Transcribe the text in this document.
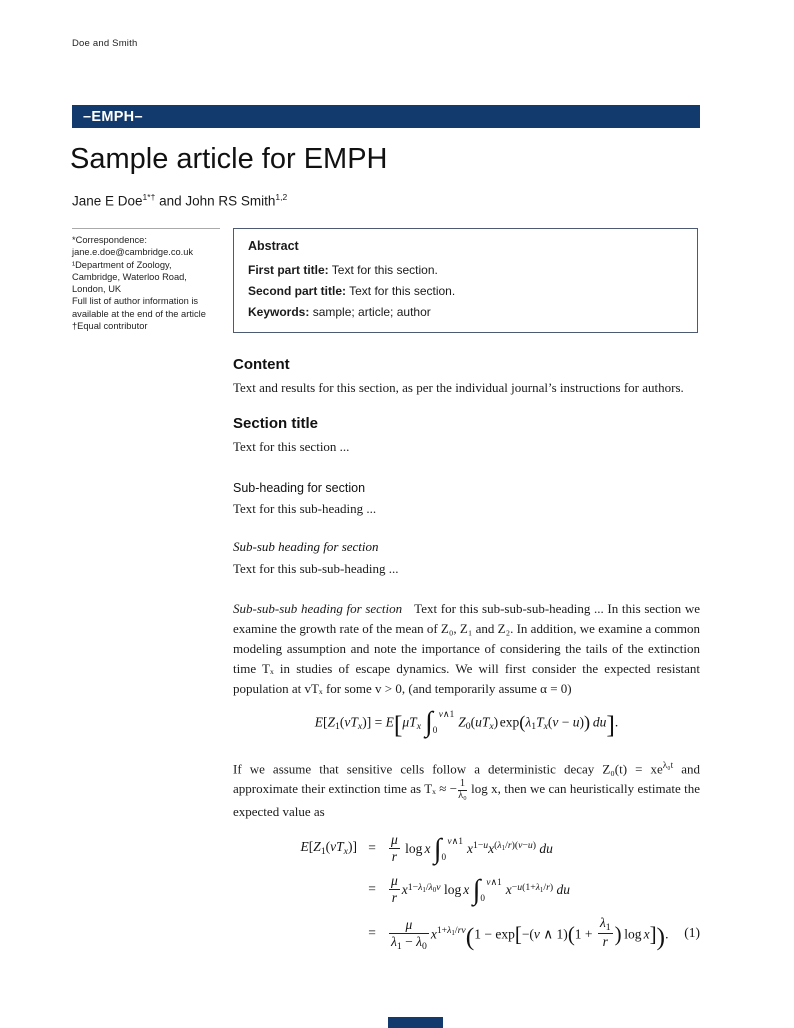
Doe and Smith
–EMPH–
Sample article for EMPH
Jane E Doe$^{1*\dagger}$ and John RS Smith$^{1,2}$
*Correspondence:
jane.e.doe@cambridge.co.uk
¹Department of Zoology,
Cambridge, Waterloo Road,
London, UK
Full list of author information is
available at the end of the article
†Equal contributor
Abstract
First part title: Text for this section.
Second part title: Text for this section.
Keywords: sample; article; author
Content

Text and results for this section, as per the individual journal’s instructions for authors.

Section title

Text for this section ...

Sub-heading for section

Text for this sub-heading ...

Sub-sub heading for section

Text for this sub-sub-heading ...

Sub-sub-sub heading for section Text for this sub-sub-sub-heading ... In this section we examine the growth rate of the mean of Z₀, Z₁ and Z₂. In addition, we examine a common modeling assumption and note the importance of considering the tails of the extinction time Tₓ in studies of escape dynamics. We will first consider the expected resistant population at vTₓ for some v > 0, (and temporarily assume α = 0)

$E[Z_1(vT_x)] = E[\mu T_x$ ∫ v∧1
0
$Z_0(uT_x) \exp(\lambda_1T_x(v - u))$ du].

If we assume that sensitive cells follow a deterministic decay $Z_0(t) = xe^{\lambda_0t}$ and approximate their extinction time as Tₓ ≈ − $\frac{1}{\text{λ₀}}$ log x, then we can heuristically estimate the expected value as

$E[Z_1(vT_x)] = \frac{\mu}{r}$ log x ∫ v∧1
0
$x^{1-u}x^{(\lambda_1/r)(v-u)}$ du
= $\frac{\mu}{r} x^{1-\lambda_1/\lambda_0v}$ log x ∫ v∧1
0
$x^{-u(1+\lambda_1/r)}$ du
= $\frac{\mu}{\lambda_1 - \lambda_0} x^{1+\lambda_1/rv}(1 - \exp[-(v$ ∧ $1)(1 + \frac{\lambda_1}{r}$ ) log x]).	(1)
